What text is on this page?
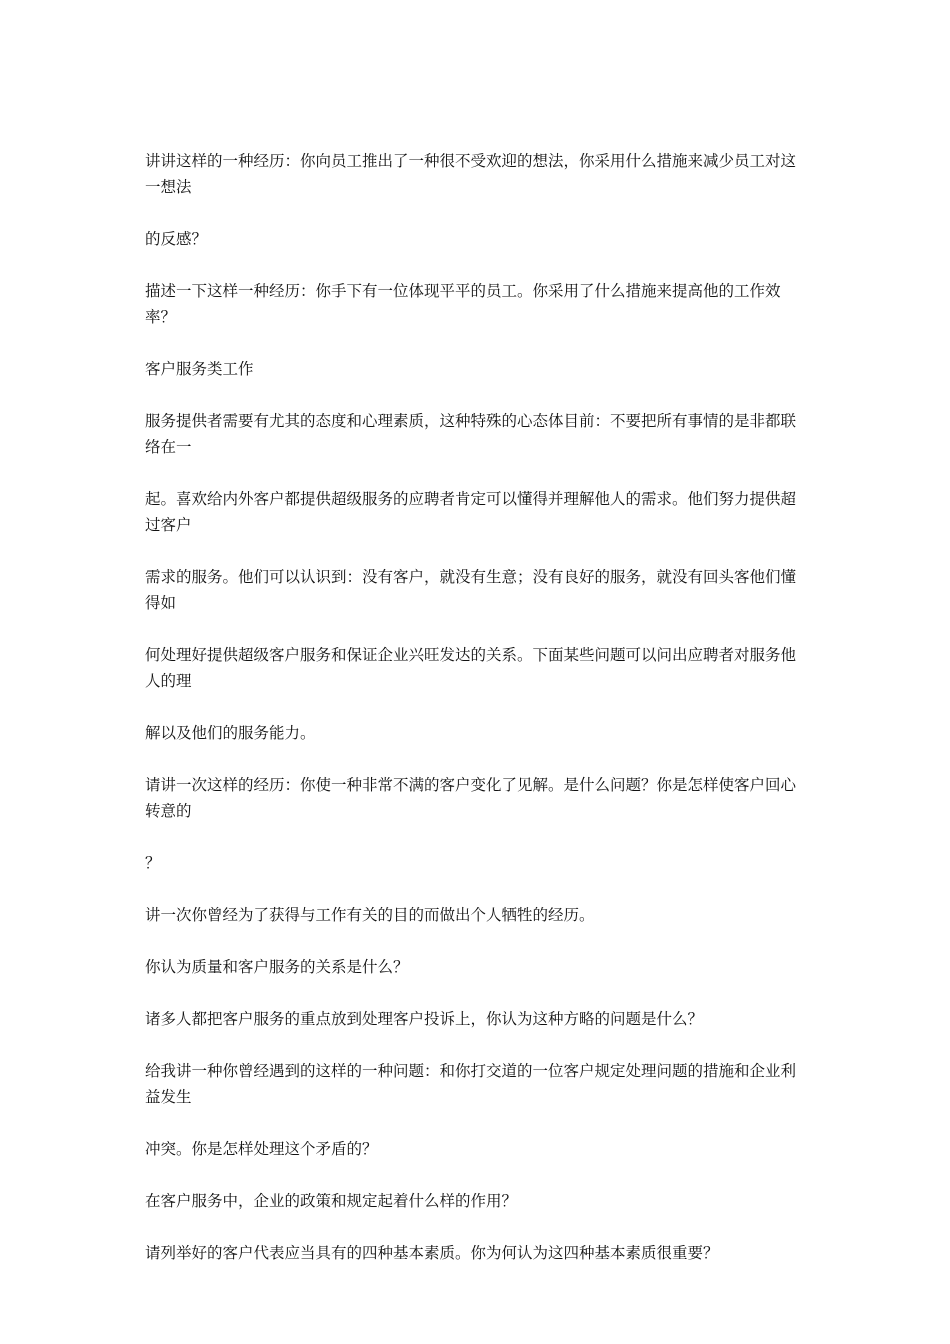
讲讲这样的一种经历：你向员工推出了一种很不受欢迎的想法，你采用什么措施来减少员工对这一想法

的反感？

描述一下这样一种经历：你手下有一位体现平平的员工。你采用了什么措施来提高他的工作效率？

客户服务类工作

服务提供者需要有尤其的态度和心理素质，这种特殊的心态体目前：不要把所有事情的是非都联络在一

起。喜欢给内外客户都提供超级服务的应聘者肯定可以懂得并理解他人的需求。他们努力提供超过客户

需求的服务。他们可以认识到：没有客户，就没有生意；没有良好的服务，就没有回头客他们懂得如

何处理好提供超级客户服务和保证企业兴旺发达的关系。下面某些问题可以问出应聘者对服务他人的理

解以及他们的服务能力。

请讲一次这样的经历：你使一种非常不满的客户变化了见解。是什么问题？你是怎样使客户回心转意的

？

讲一次你曾经为了获得与工作有关的目的而做出个人牺牲的经历。

你认为质量和客户服务的关系是什么？

诸多人都把客户服务的重点放到处理客户投诉上，你认为这种方略的问题是什么？

给我讲一种你曾经遇到的这样的一种问题：和你打交道的一位客户规定处理问题的措施和企业利益发生

冲突。你是怎样处理这个矛盾的？

在客户服务中，企业的政策和规定起着什么样的作用？

请列举好的客户代表应当具有的四种基本素质。你为何认为这四种基本素质很重要？
